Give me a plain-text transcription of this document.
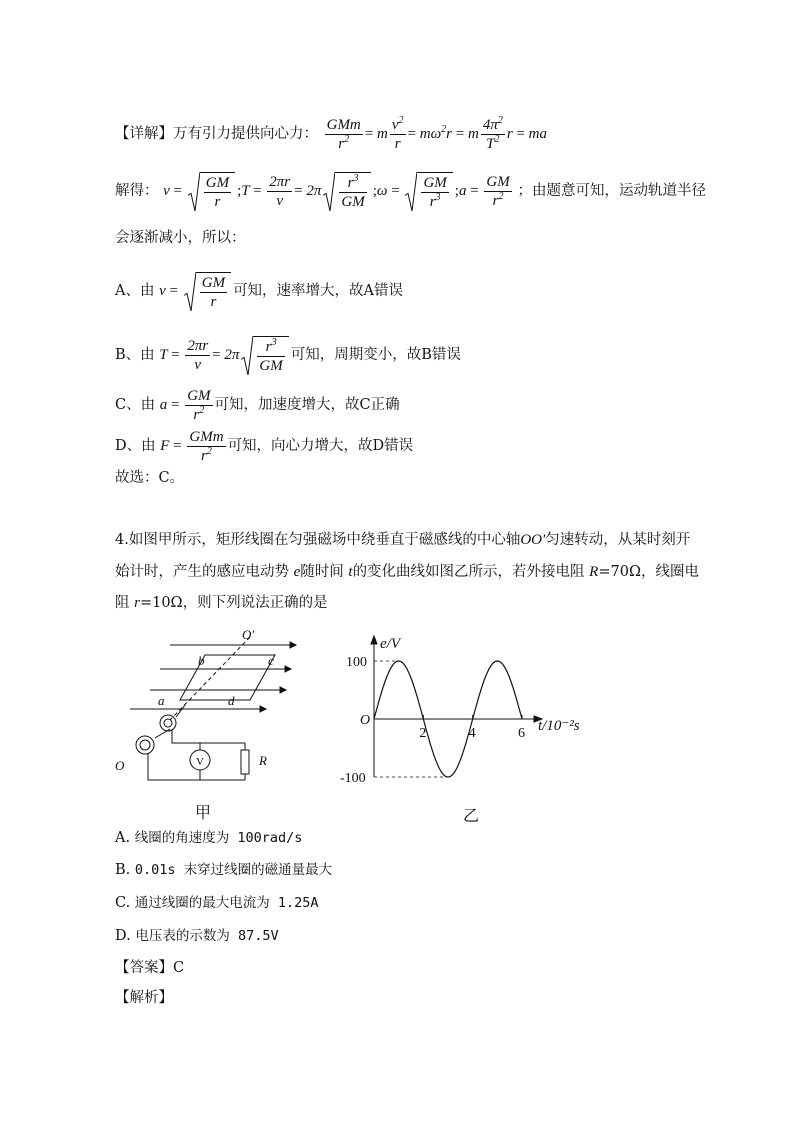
【详解】万有引力提供向心力： $\frac{\text{GMm}}{r^2} = m \frac{v^2}{r} = m\omega^2r = m \frac{4\pi^2}{T^2}$ r = ma
解得： $v = \frac{GM}{r}$ ;T = $\frac{2\pi r}{v} = 2\pi \frac{r^3}{GM}$ ;ω = $\frac{GM}{r^3}$ ;a = $\frac{GM}{r^2}$ ；由题意可知，运动轨道半径
会逐渐减小，所以：
A、由 $v = \frac{GM}{r}$ 可知，速率增大，故A错误
B、由 $T = \frac{2\pi r}{v} = 2\pi \frac{r^3}{GM}$ 可知，周期变小，故B错误
C、由 $a = \frac{GM}{r^2}$ 可知，加速度增大，故C正确
D、由 $F = \frac{\text{GMm}}{r^2}$ 可知，向心力增大，故D错误
故选：C。
4.如图甲所示，矩形线圈在匀强磁场中绕垂直于磁感线的中心轴OO′匀速转动，从某时刻开
始计时，产生的感应电动势 e随时间 t的变化曲线如图乙所示，若外接电阻 R=70Ω，线圈电
阻 r=10Ω，则下列说法正确的是
O′
b	c
a	d
O	R
V
甲
2	4	6
100
-100
e/V
t/10⁻²s
O
乙
A. 线圈的角速度为 100rad/s
B. 0.01s 末穿过线圈的磁通量最大
C. 通过线圈的最大电流为 1.25A
D. 电压表的示数为 87.5V
【答案】C
【解析】
